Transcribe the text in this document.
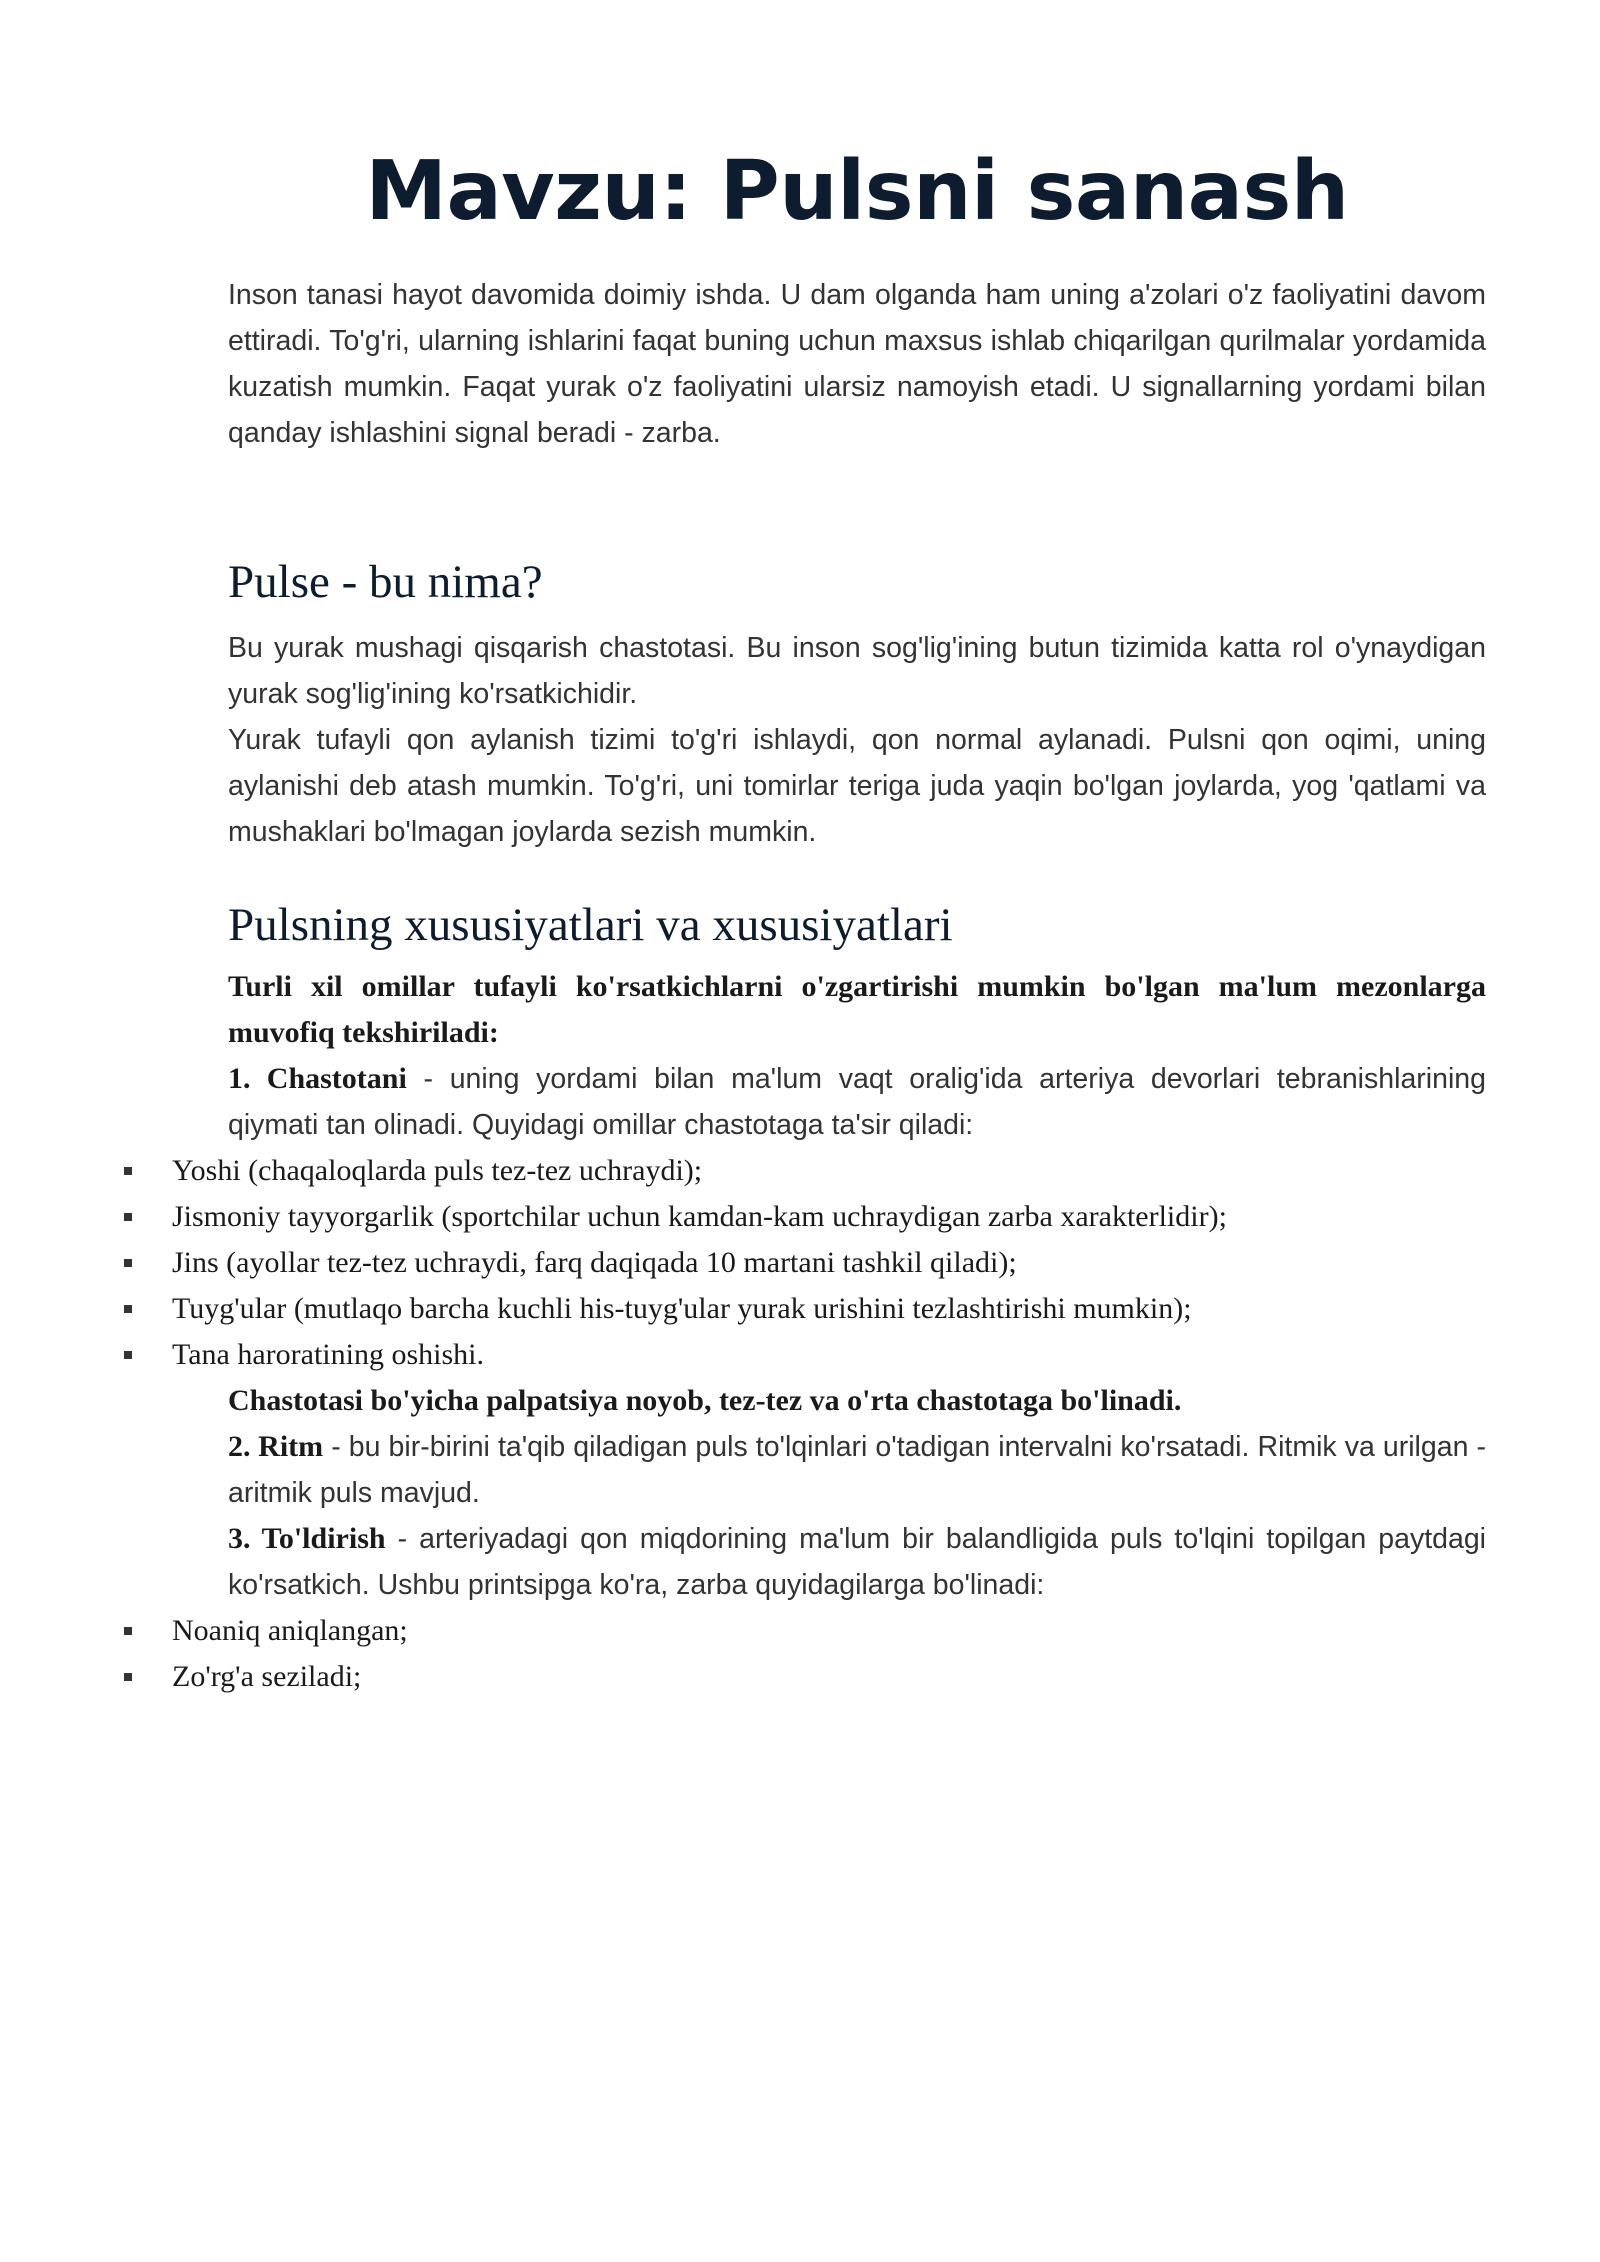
Mavzu: Pulsni sanash

Inson tanasi hayot davomida doimiy ishda. U dam olganda ham uning a'zolari o'z faoliyatini davom ettiradi. To'g'ri, ularning ishlarini faqat buning uchun maxsus ishlab chiqarilgan qurilmalar yordamida kuzatish mumkin. Faqat yurak o'z faoliyatini ularsiz namoyish etadi. U signallarning yordami bilan qanday ishlashini signal beradi - zarba.

Pulse - bu nima?

Bu yurak mushagi qisqarish chastotasi. Bu inson sog'lig'ining butun tizimida katta rol o'ynaydigan yurak sog'lig'ining ko'rsatkichidir.

Yurak tufayli qon aylanish tizimi to'g'ri ishlaydi, qon normal aylanadi. Pulsni qon oqimi, uning aylanishi deb atash mumkin. To'g'ri, uni tomirlar teriga juda yaqin bo'lgan joylarda, yog 'qatlami va mushaklari bo'lmagan joylarda sezish mumkin.

Pulsning xususiyatlari va xususiyatlari

Turli xil omillar tufayli ko'rsatkichlarni o'zgartirishi mumkin bo'lgan ma'lum mezonlarga muvofiq tekshiriladi:

1. Chastotani - uning yordami bilan ma'lum vaqt oralig'ida arteriya devorlari tebranishlarining qiymati tan olinadi. Quyidagi omillar chastotaga ta'sir qiladi:

Yoshi (chaqaloqlarda puls tez-tez uchraydi);
Jismoniy tayyorgarlik (sportchilar uchun kamdan-kam uchraydigan zarba xarakterlidir);
Jins (ayollar tez-tez uchraydi, farq daqiqada 10 martani tashkil qiladi);
Tuyg'ular (mutlaqo barcha kuchli his-tuyg'ular yurak urishini tezlashtirishi mumkin);
Tana haroratining oshishi.

Chastotasi bo'yicha palpatsiya noyob, tez-tez va o'rta chastotaga bo'linadi.

2. Ritm - bu bir-birini ta'qib qiladigan puls to'lqinlari o'tadigan intervalni ko'rsatadi. Ritmik va urilgan - aritmik puls mavjud.

3. To'ldirish - arteriyadagi qon miqdorining ma'lum bir balandligida puls to'lqini topilgan paytdagi ko'rsatkich. Ushbu printsipga ko'ra, zarba quyidagilarga bo'linadi:

Noaniq aniqlangan;
Zo'rg'a seziladi;
